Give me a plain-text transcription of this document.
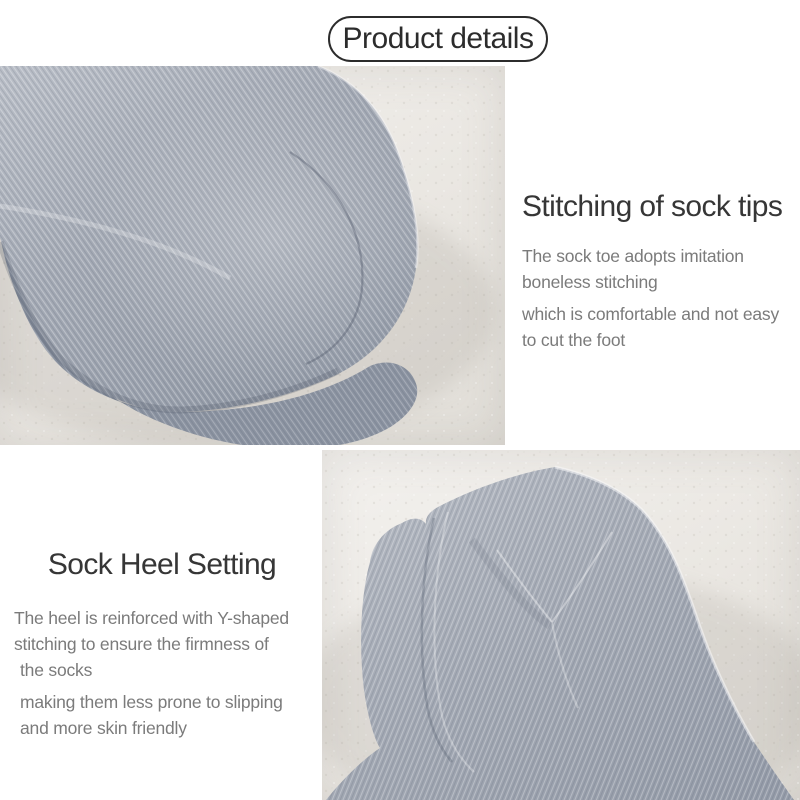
Product details
Stitching of sock tips

The sock toe adopts imitation
boneless stitching

which is comfortable and not easy
to cut the foot

Sock Heel Setting

The heel is reinforced with Y-shaped
stitching to ensure the firmness of
the socks

making them less prone to slipping
and more skin friendly
